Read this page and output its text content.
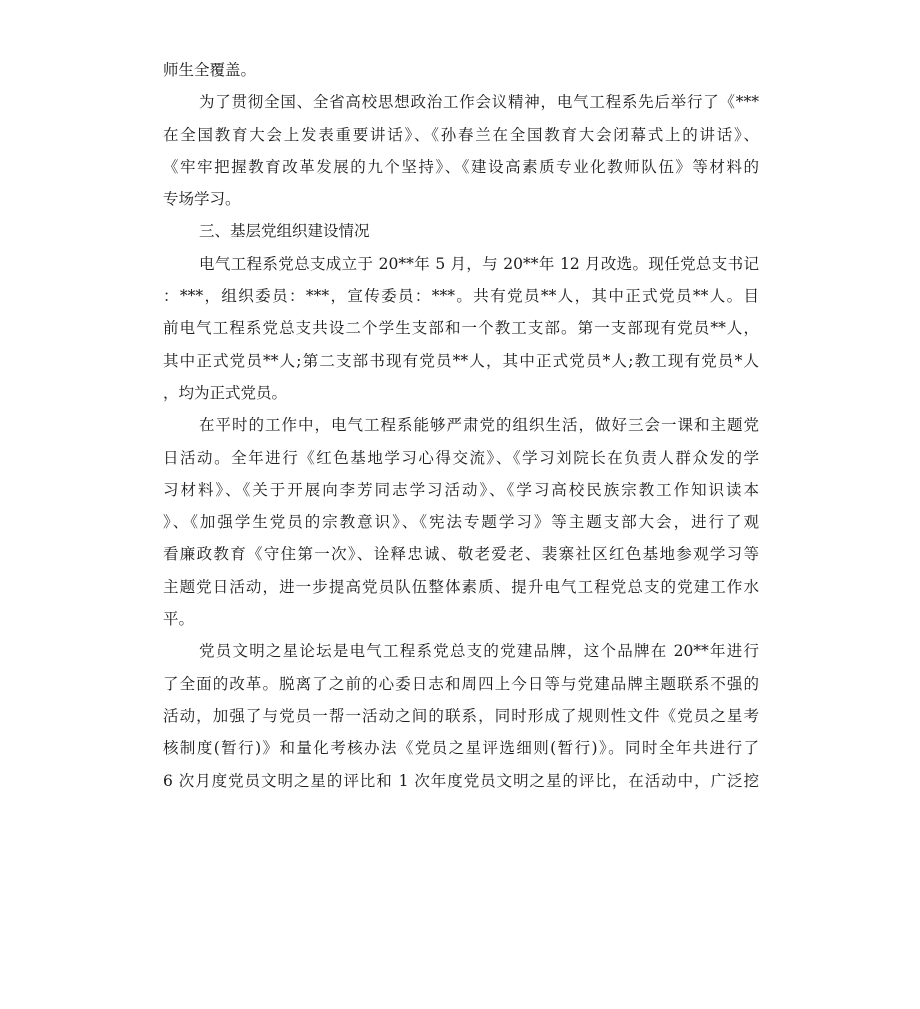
师生全覆盖。
为了贯彻全国、全省高校思想政治工作会议精神，电气工程系先后举行了《***
在全国教育大会上发表重要讲话》、《孙春兰在全国教育大会闭幕式上的讲话》、
《牢牢把握教育改革发展的九个坚持》、《建设高素质专业化教师队伍》等材料的
专场学习。
三、基层党组织建设情况
电气工程系党总支成立于 20**年 5 月，与 20**年 12 月改选。现任党总支书记
：***，组织委员：***，宣传委员：***。共有党员**人，其中正式党员**人。目
前电气工程系党总支共设二个学生支部和一个教工支部。第一支部现有党员**人，
其中正式党员**人;第二支部书现有党员**人，其中正式党员*人;教工现有党员*人
，均为正式党员。
在平时的工作中，电气工程系能够严肃党的组织生活，做好三会一课和主题党
日活动。全年进行《红色基地学习心得交流》、《学习刘院长在负责人群众发的学
习材料》、《关于开展向李芳同志学习活动》、《学习高校民族宗教工作知识读本
》、《加强学生党员的宗教意识》、《宪法专题学习》等主题支部大会，进行了观
看廉政教育《守住第一次》、诠释忠诚、敬老爱老、裴寨社区红色基地参观学习等
主题党日活动，进一步提高党员队伍整体素质、提升电气工程党总支的党建工作水
平。
党员文明之星论坛是电气工程系党总支的党建品牌，这个品牌在 20**年进行
了全面的改革。脱离了之前的心委日志和周四上今日等与党建品牌主题联系不强的
活动，加强了与党员一帮一活动之间的联系，同时形成了规则性文件《党员之星考
核制度(暂行)》和量化考核办法《党员之星评选细则(暂行)》。同时全年共进行了
6 次月度党员文明之星的评比和 1 次年度党员文明之星的评比，在活动中，广泛挖
